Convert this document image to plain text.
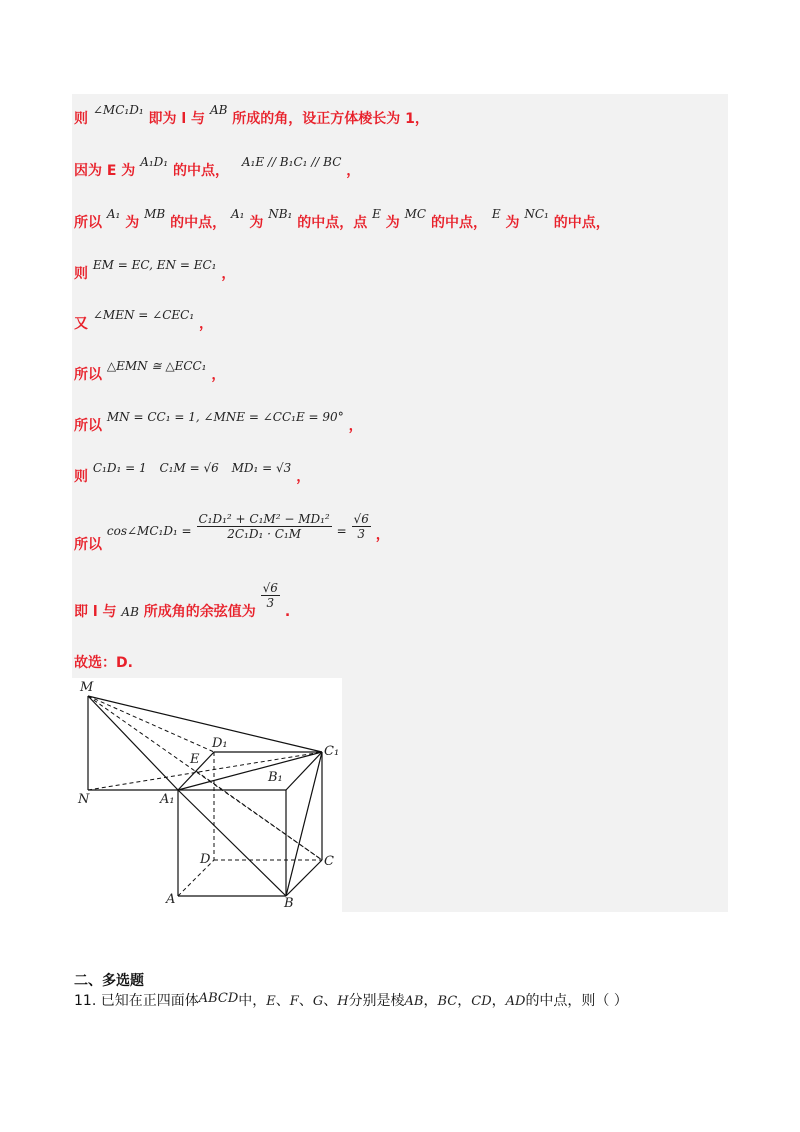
则 ∠MC₁D₁ 即为 l 与 AB 所成的角，设正方体棱长为 1，
因为 E 为 A₁D₁ 的中点， A₁E // B₁C₁ // BC ，
所以 A₁ 为 MB 的中点， A₁ 为 NB₁ 的中点，点 E 为 MC 的中点， E 为 NC₁ 的中点，
则 EM = EC, EN = EC₁ ，
又 ∠MEN = ∠CEC₁ ，
所以 △EMN ≅ △ECC₁ ，
所以 MN = CC₁ = 1, ∠MNE = ∠CC₁E = 90° ，
则 C₁D₁ = 1 C₁M = √6 MD₁ = √3 ，
所以 cos∠MC₁D₁ = $\frac{\text{C₁D₁² + C₁M² − MD₁²}}{\text{2C₁D₁ · C₁M}} = \frac{√6}{3}$ ，
即 l 与 AB 所成角的余弦值为
$\frac{√6}{3}$
.
故选：D.
M
N	A₁
D₁
E
B₁
C₁
D	C
A	B
二、多选题
11. 已知在正四面体ABCD中，E、F、G、H分别是棱AB，BC，CD，AD的中点，则（ ）
